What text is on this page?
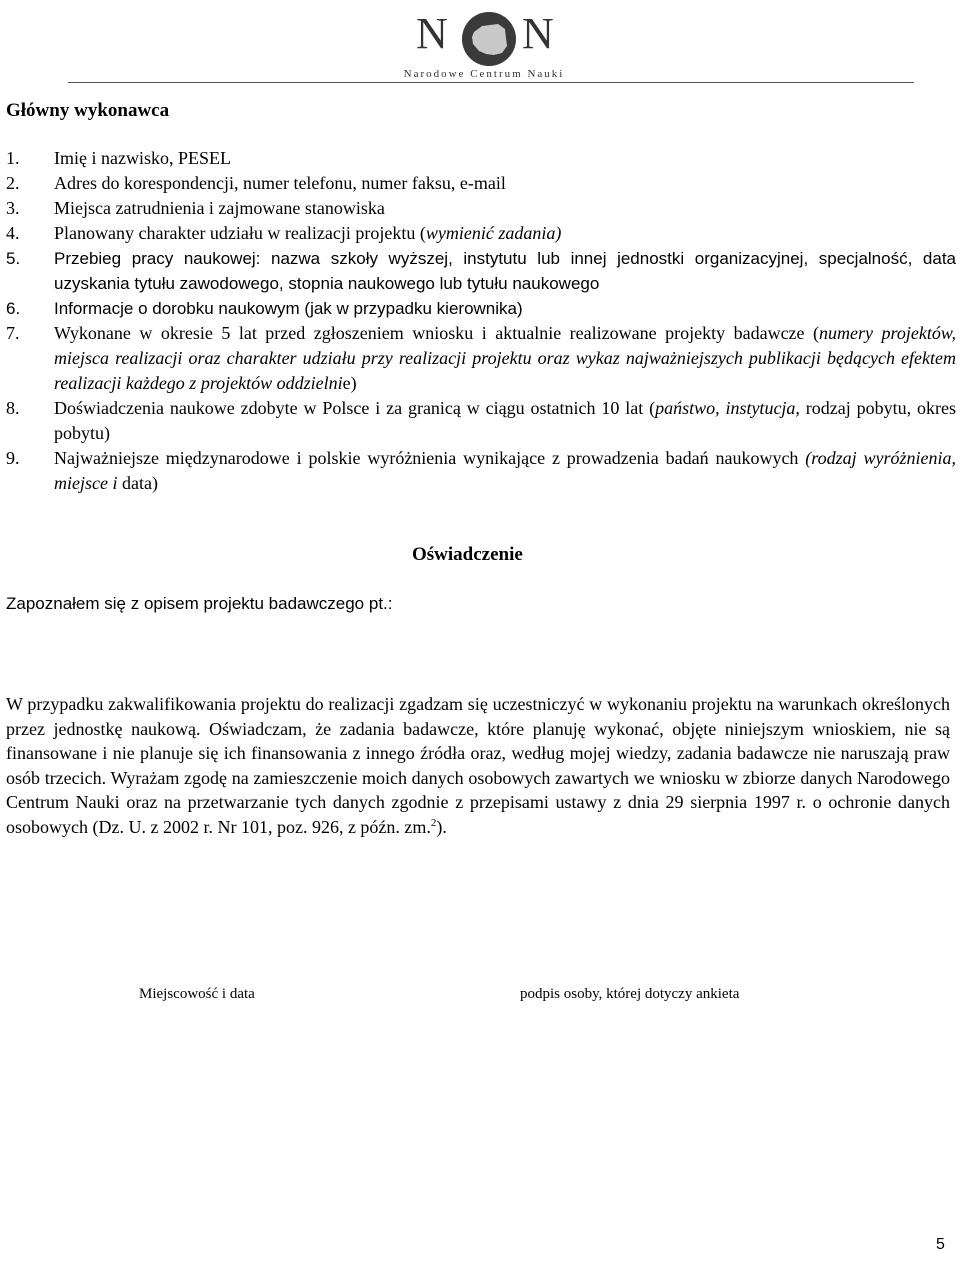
N N
Narodowe Centrum Nauki
Główny wykonawca
1. Imię i nazwisko, PESEL
2. Adres do korespondencji, numer telefonu, numer faksu, e-mail
3. Miejsca zatrudnienia i zajmowane stanowiska
4. Planowany charakter udziału w realizacji projektu (wymienić zadania)
5. Przebieg pracy naukowej: nazwa szkoły wyższej, instytutu lub innej jednostki organizacyjnej, specjalność, data uzyskania tytułu zawodowego, stopnia naukowego lub tytułu naukowego
6. Informacje o dorobku naukowym (jak w przypadku kierownika)
7. Wykonane w okresie 5 lat przed zgłoszeniem wniosku i aktualnie realizowane projekty badawcze (numery projektów, miejsca realizacji oraz charakter udziału przy realizacji projektu oraz wykaz najważniejszych publikacji będących efektem realizacji każdego z projektów oddzielnie)
8. Doświadczenia naukowe zdobyte w Polsce i za granicą w ciągu ostatnich 10 lat (państwo, instytucja, rodzaj pobytu, okres pobytu)
9. Najważniejsze międzynarodowe i polskie wyróżnienia wynikające z prowadzenia badań naukowych (rodzaj wyróżnienia, miejsce i data)
Oświadczenie
Zapoznałem się z opisem projektu badawczego pt.:

W przypadku zakwalifikowania projektu do realizacji zgadzam się uczestniczyć w wykonaniu projektu na warunkach określonych przez jednostkę naukową. Oświadczam, że zadania badawcze, które planuję wykonać, objęte niniejszym wnioskiem, nie są finansowane i nie planuje się ich finansowania z innego źródła oraz, według mojej wiedzy, zadania badawcze nie naruszają praw osób trzecich. Wyrażam zgodę na zamieszczenie moich danych osobowych zawartych we wniosku w zbiorze danych Narodowego Centrum Nauki oraz na przetwarzanie tych danych zgodnie z przepisami ustawy z dnia 29 sierpnia 1997 r. o ochronie danych osobowych (Dz. U. z 2002 r. Nr 101, poz. 926, z późn. zm.$^2$).

Miejscowość i data	podpis osoby, której dotyczy ankieta
5
